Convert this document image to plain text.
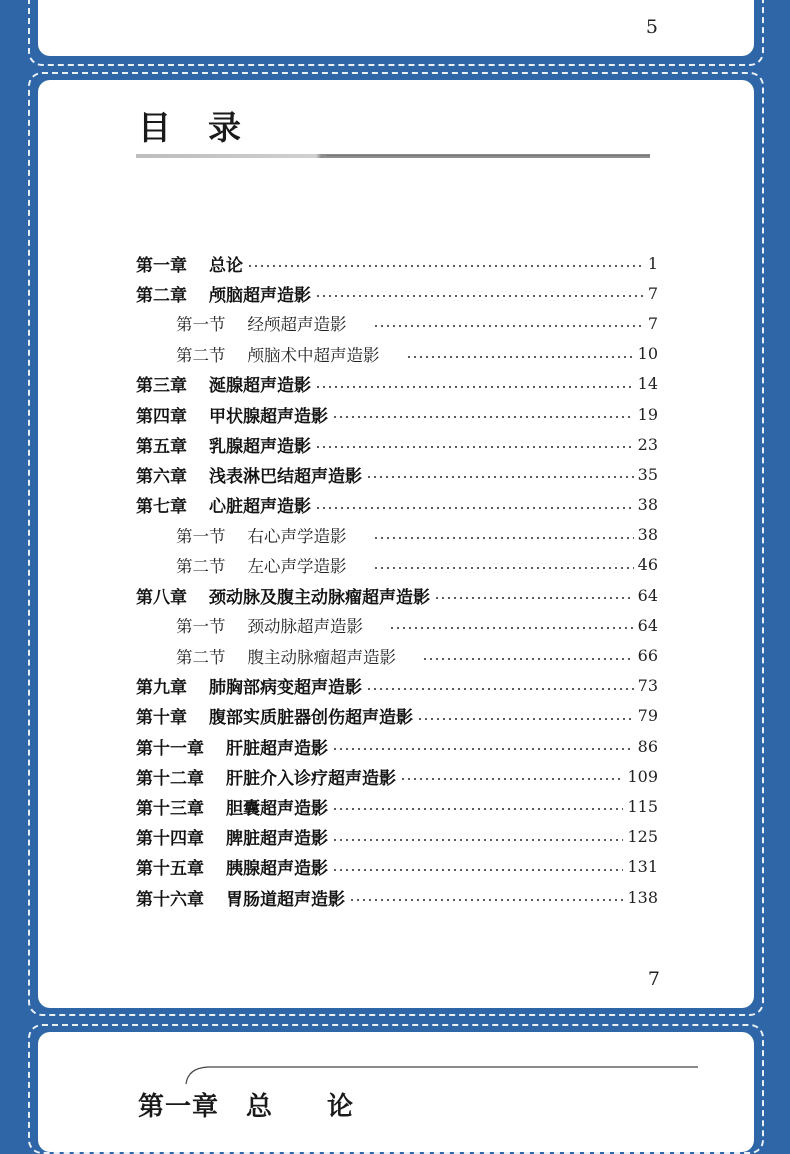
5
目　录
第一章 总论	1
第二章 颅脑超声造影	7
第一节 经颅超声造影	7
第二节 颅脑术中超声造影	10
第三章 涎腺超声造影	14
第四章 甲状腺超声造影	19
第五章 乳腺超声造影	23
第六章 浅表淋巴结超声造影	35
第七章 心脏超声造影	38
第一节 右心声学造影	38
第二节 左心声学造影	46
第八章 颈动脉及腹主动脉瘤超声造影	64
第一节 颈动脉超声造影	64
第二节 腹主动脉瘤超声造影	66
第九章 肺胸部病变超声造影	73
第十章 腹部实质脏器创伤超声造影	79
第十一章 肝脏超声造影	86
第十二章 肝脏介入诊疗超声造影	109
第十三章 胆囊超声造影	115
第十四章 脾脏超声造影	125
第十五章 胰腺超声造影	131
第十六章 胃肠道超声造影	138
7
第一章　总　　论
